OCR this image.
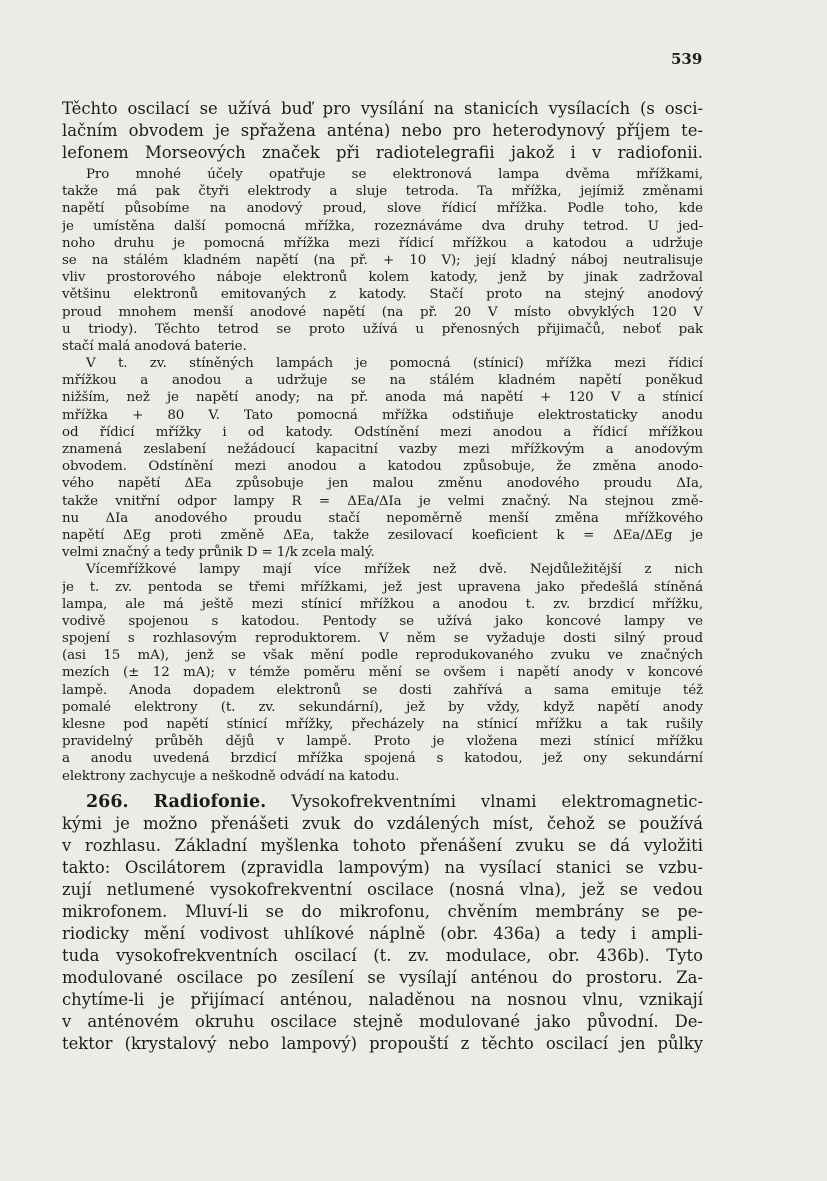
539
Těchto oscilací se užívá buď pro vysílání na stanicích vysílacích (s osci-
lačním obvodem je spřažena anténa) nebo pro heterodynový příjem te-
lefonem Morseových značek při radiotelegrafii jakož i v radiofonii.
Pro mnohé účely opatřuje se elektronová lampa dvěma mřížkami,
takže má pak čtyři elektrody a sluje tetroda. Ta mřížka, jejímiž změnami
napětí působíme na anodový proud, slove řídicí mřížka. Podle toho, kde
je umístěna další pomocná mřížka, rozeznáváme dva druhy tetrod. U jed-
noho druhu je pomocná mřížka mezi řídicí mřížkou a katodou a udržuje
se na stálém kladném napětí (na př. + 10 V); její kladný náboj neutralisuje
vliv prostorového náboje elektronů kolem katody, jenž by jinak zadržoval
většinu elektronů emitovaných z katody. Stačí proto na stejný anodový
proud mnohem menší anodové napětí (na př. 20 V místo obvyklých 120 V
u triody). Těchto tetrod se proto užívá u přenosných přijimačů, neboť pak
stačí malá anodová baterie.
V t. zv. stíněných lampách je pomocná (stínicí) mřížka mezi řídicí
mřížkou a anodou a udržuje se na stálém kladném napětí poněkud
nižším, než je napětí anody; na př. anoda má napětí + 120 V a stínicí
mřížka + 80 V. Tato pomocná mřížka odstiňuje elektrostaticky anodu
od řídicí mřížky i od katody. Odstínění mezi anodou a řídicí mřížkou
znamená zeslabení nežádoucí kapacitní vazby mezi mřížkovým a anodovým
obvodem. Odstínění mezi anodou a katodou způsobuje, že změna anodo-
vého napětí ΔEa způsobuje jen malou změnu anodového proudu ΔIa,
takže vnitřní odpor lampy R = ΔEa/ΔIa je velmi značný. Na stejnou změ-
nu ΔIa anodového proudu stačí nepoměrně menší změna mřížkového
napětí ΔEg proti změně ΔEa, takže zesilovací koeficient k = ΔEa/ΔEg je
velmi značný a tedy průnik D = 1/k zcela malý.
Vícemřížkové lampy mají více mřížek než dvě. Nejdůležitější z nich
je t. zv. pentoda se třemi mřížkami, jež jest upravena jako předešlá stíněná
lampa, ale má ještě mezi stínicí mřížkou a anodou t. zv. brzdicí mřížku,
vodivě spojenou s katodou. Pentody se užívá jako koncové lampy ve
spojení s rozhlasovým reproduktorem. V něm se vyžaduje dosti silný proud
(asi 15 mA), jenž se však mění podle reprodukovaného zvuku ve značných
mezích (± 12 mA); v témže poměru mění se ovšem i napětí anody v koncové
lampě. Anoda dopadem elektronů se dosti zahřívá a sama emituje též
pomalé elektrony (t. zv. sekundární), jež by vždy, když napětí anody
klesne pod napětí stínicí mřížky, přecházely na stínicí mřížku a tak rušily
pravidelný průběh dějů v lampě. Proto je vložena mezi stínicí mřížku
a anodu uvedená brzdicí mřížka spojená s katodou, jež ony sekundární
elektrony zachycuje a neškodně odvádí na katodu.
266. Radiofonie. Vysokofrekventními vlnami elektromagnetic-
kými je možno přenášeti zvuk do vzdálených míst, čehož se používá
v rozhlasu. Základní myšlenka tohoto přenášení zvuku se dá vyložiti
takto: Oscilátorem (zpravidla lampovým) na vysílací stanici se vzbu-
zují netlumené vysokofrekventní oscilace (nosná vlna), jež se vedou
mikrofonem. Mluví-li se do mikrofonu, chvěním membrány se pe-
riodicky mění vodivost uhlíkové náplně (obr. 436a) a tedy i ampli-
tuda vysokofrekventních oscilací (t. zv. modulace, obr. 436b). Tyto
modulované oscilace po zesílení se vysílají anténou do prostoru. Za-
chytíme-li je přijímací anténou, naladěnou na nosnou vlnu, vznikají
v anténovém okruhu oscilace stejně modulované jako původní. De-
tektor (krystalový nebo lampový) propouští z těchto oscilací jen půlky
